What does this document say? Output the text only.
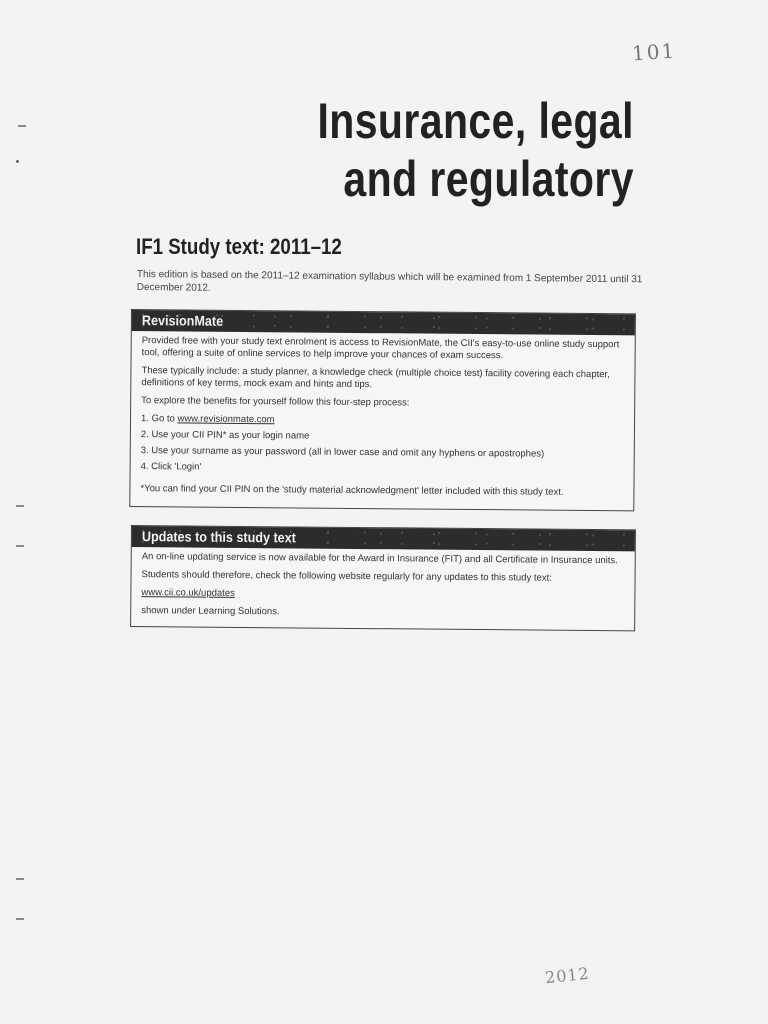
101
Insurance, legal
and regulatory
IF1 Study text: 2011–12
This edition is based on the 2011–12 examination syllabus which will be examined from 1 September 2011 until 31 December 2012.
RevisionMate

Provided free with your study text enrolment is access to RevisionMate, the CII's easy-to-use online study support tool, offering a suite of online services to help improve your chances of exam success.

These typically include: a study planner, a knowledge check (multiple choice test) facility covering each chapter, definitions of key terms, mock exam and hints and tips.

To explore the benefits for yourself follow this four-step process:

1. Go to www.revisionmate.com
2. Use your CII PIN* as your login name
3. Use your surname as your password (all in lower case and omit any hyphens or apostrophes)
4. Click 'Login'

*You can find your CII PIN on the 'study material acknowledgment' letter included with this study text.

Updates to this study text

An on-line updating service is now available for the Award in Insurance (FIT) and all Certificate in Insurance units.

Students should therefore, check the following website regularly for any updates to this study text:

www.cii.co.uk/updates

shown under Learning Solutions.

2012
